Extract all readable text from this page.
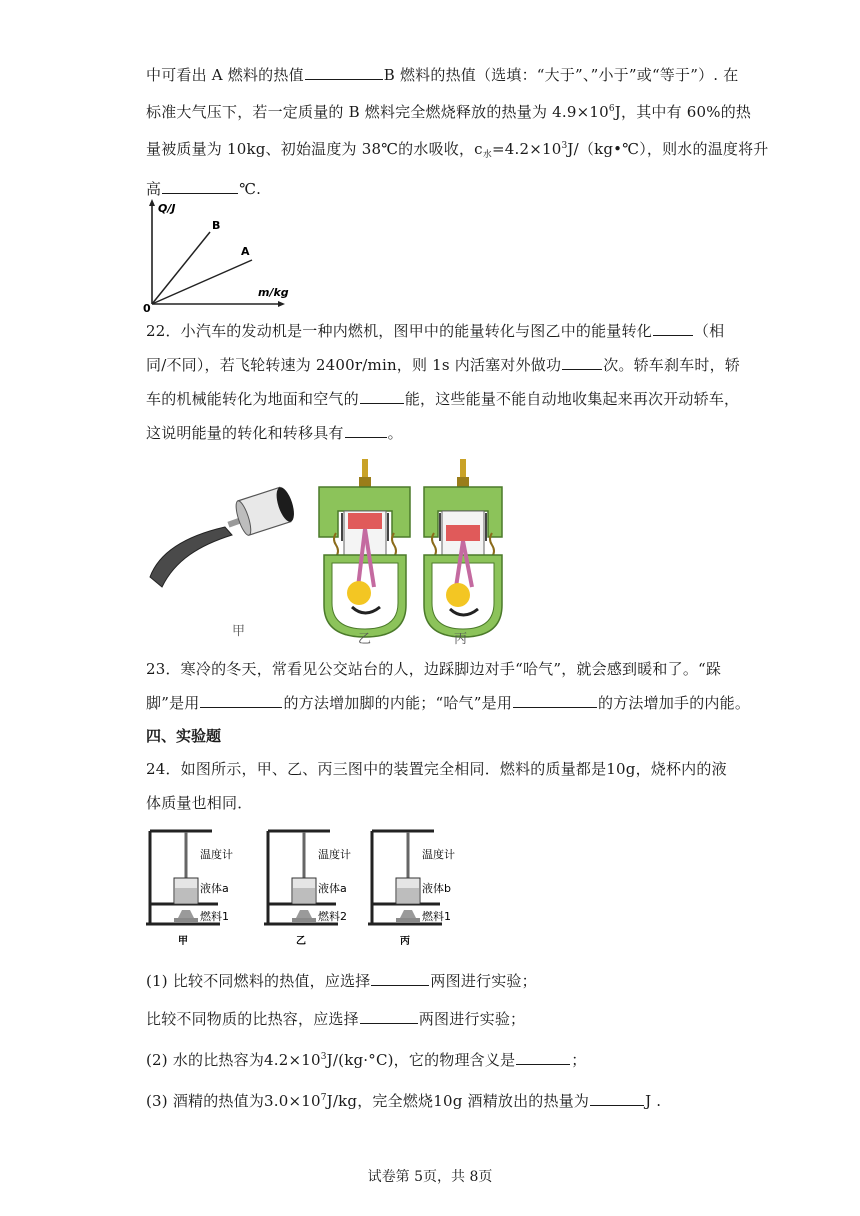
中可看出 A 燃料的热值	B 燃料的热值（选填：“大于”、”小于”或“等于”）. 在
标准大气压下，若一定质量的 B 燃料完全燃烧释放的热量为 $4.9\times 10^6J$，其中有 60%的热
量被质量为 10kg、初始温度为 38℃的水吸收，$c_水=4.2\times 10^3J/(kg•℃)$，则水的温度将升
高	℃.
Q/J
m/kg
0
B
A
22．小汽车的发动机是一种内燃机，图甲中的能量转化与图乙中的能量转化	（相
同/不同），若飞轮转速为 2400r/min，则 1s 内活塞对外做功	次。轿车刹车时，轿
车的机械能转化为地面和空气的	能，这些能量不能自动地收集起来再次开动轿车，
这说明能量的转化和转移具有	。
甲
乙	丙
23．寒冷的冬天，常看见公交站台的人，边踩脚边对手“哈气”，就会感到暖和了。“跺
脚”是用	的方法增加脚的内能；“哈气”是用	的方法增加手的内能。
四、实验题
24．如图所示，甲、乙、丙三图中的装置完全相同．燃料的质量都是10g，烧杯内的液
体质量也相同．
温度计
液体a
燃料1
甲
温度计
液体a
燃料2
乙
温度计
液体b
燃料1
丙
(1) 比较不同燃料的热值，应选择	两图进行实验；
比较不同物质的比热容，应选择	两图进行实验；
(2) 水的比热容为$4.2\times 10^3J/(kg\cdot^\circ C)$，它的物理含义是	；
(3) 酒精的热值为$3.0\times 10^7J/kg$，完全燃烧10g 酒精放出的热量为	J .
试卷第 5页，共 8页
